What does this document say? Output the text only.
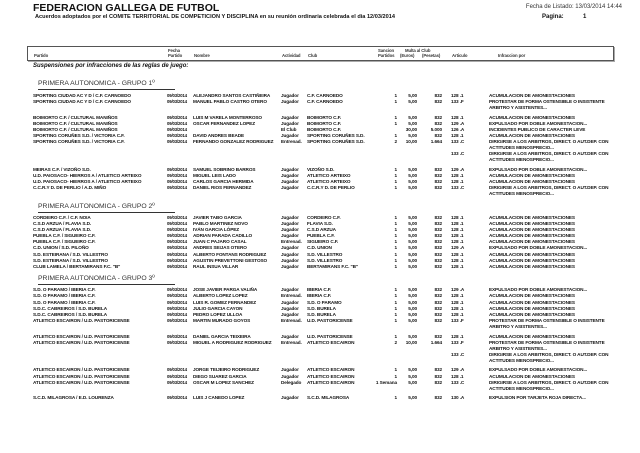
FEDERACION GALLEGA DE FUTBOL
Acuerdos adoptados por el COMITE TERRITORIAL DE COMPETICION Y DISCIPLINA en su reunión ordinaria celebrada el dia 12/03/2014
Fecha de Listado: 13/03/2014 14:44
Pagina:	1
Partido
Fecha
Partido	Nombre	Actividad Club
Sancion
Partidos
Multa al Club
(Euros) (Pesetas)	Articulo	Infraccion por
Suspensiones por infracciones de las reglas de juego:
PRIMERA AUTONOMICA - GRUPO 1º
SPORTING CIUDAD AC Y D / C.F. CARNOEDO	09/03/2014 ALEJANDRO SANTOS CASTIÑEIRA Jugador C.F. CARNOEDO	1	5,00	832 128 .1	ACUMULACION DE AMONESTACIONES
SPORTING CIUDAD AC Y D / C.F. CARNOEDO	09/03/2014 MANUEL PABLO CASTRO OTERO	Jugador C.F. CARNOEDO	1	5,00	832 133 .F	PROTESTAR DE FORMA OSTENSIBLE O INSISTENTE
ARBITRO Y ASISTENTES...
BOIMORTO C.F. / CULTURAL MANIÑOS	09/03/2014 LUIS M VARELA MONTERROSO	Jugador BOIMORTO C.F.	1	5,00	832 128 .1	ACUMULACION DE AMONESTACIONES
BOIMORTO C.F. / CULTURAL MANIÑOS	09/03/2014 OSCAR FERNANDEZ LOPEZ	Jugador BOIMORTO C.F.	1	5,00	832 129 .A	EXPULSADO POR DOBLE AMONESTACION...
BOIMORTO C.F. / CULTURAL MANIÑOS	09/03/2014	El Club BOIMORTO C.F.	30,00	5.000 126 .A	INCIDENTES PUBLICO DE CARACTER LEVE
SPORTING CORUÑES S.D. / VICTORIA C.F.	09/03/2014 DAVID ANDRES BEADE	Jugador SPORTING CORUÑES S.D.	1	5,00	832 128 .1	ACUMULACION DE AMONESTACIONES
SPORTING CORUÑES S.D. / VICTORIA C.F.	09/03/2014 FERNANDO GONZALEZ RODRIGUEZ Entrenad. SPORTING CORUÑES S.D.	2	10,00	1.664 133 .C	DIRIGIRSE A LOS ARBITROS, DIRECT. O AUT.DEP. CON
ACTITUDES MENOSPRECIO...
133 .C	DIRIGIRSE A LOS ARBITROS, DIRECT. O AUT.DEP. CON
ACTITUDES MENOSPRECIO...
MEIRAS C.F. / VIZOÑO S.D.	09/03/2014 SAMUEL SOBRINO BARROS	Jugador VIZOÑO S.D.	1	5,00	832 129 .A	EXPULSADO POR DOBLE AMONESTACION...
U.D. PAIOSACO- HIERROS A / ATLETICO ARTEIXO	09/03/2014 MIGUEL LEIS LADO	Jugador ATLETICO ARTEIXO	1	5,00	832 128 .1	ACUMULACION DE AMONESTACIONES
U.D. PAIOSACO- HIERROS A / ATLETICO ARTEIXO	09/03/2014 CARLOS GARCIA HERMIDA	Jugador ATLETICO ARTEIXO	1	5,00	832 128 .1	ACUMULACION DE AMONESTACIONES
C.C.R.Y D. DE PERLIO / A.D. MIÑO	09/03/2014 DANIEL RIOS FERNANDEZ	Jugador C.C.R.Y D. DE PERLIO	1	5,00	832 133 .C	DIRIGIRSE A LOS ARBITROS, DIRECT. O AUT.DEP. CON
ACTITUDES MENOSPRECIO...
PRIMERA AUTONOMICA - GRUPO 2º
CORDEIRO C.F. / C.F. NOIA	09/03/2014 JAVIER TABO GARCIA	Jugador CORDEIRO C.F.	1	5,00	832 128 .1	ACUMULACION DE AMONESTACIONES
C.S.D ARZUA / FLAVIA S.D.	09/03/2014 PABLO MARTINEZ NOVO	Jugador FLAVIA S.D.	1	5,00	832 128 .1	ACUMULACION DE AMONESTACIONES
C.S.D ARZUA / FLAVIA S.D.	09/03/2014 IVÁN GARCIA LÓPEZ	Jugador C.S.D ARZUA	1	5,00	832 128 .1	ACUMULACION DE AMONESTACIONES
PUEBLA C.F. / SIGUEIRO C.F.	09/03/2014 ADRIAN PARADA CADILLO	Jugador PUEBLA C.F.	1	5,00	832 128 .1	ACUMULACION DE AMONESTACIONES
PUEBLA C.F. / SIGUEIRO C.F.	09/03/2014 JUAN C PAJARO CASAL	Entrenad. SIGUEIRO C.F.	1	5,00	832 128 .1	ACUMULACION DE AMONESTACIONES
C.D. UNION / S.D. PILOÑO	09/03/2014 ANDRES SEIJAS OTERO	Jugador C.D. UNION	1	5,00	832 129 .A	EXPULSADO POR DOBLE AMONESTACION...
S.D. ESTEIRANA / S.D. VILLESTRO	09/03/2014 ALBERTO FONTANS RODRIGUEZ	Jugador S.D. VILLESTRO	1	5,00	832 128 .1	ACUMULACION DE AMONESTACIONES
S.D. ESTEIRANA / S.D. VILLESTRO	09/03/2014 AGUSTIN PREVETTONI GESTOSO	Jugador S.D. VILLESTRO	1	5,00	832 128 .1	ACUMULACION DE AMONESTACIONES
CLUB LAMELA / BERTAMIRANS F.C. "B"	09/03/2014 RAUL INSUA VILLAR	Jugador BERTAMIRANS F.C. "B"	1	5,00	832 128 .1	ACUMULACION DE AMONESTACIONES
PRIMERA AUTONOMICA - GRUPO 3º
S.D. O PARAMO / IBERIA C.F.	09/03/2014 JOSE JAVIER PARGA VALIÑA	Jugador IBERIA C.F.	1	5,00	832 129 .A	EXPULSADO POR DOBLE AMONESTACION...
S.D. O PARAMO / IBERIA C.F.	09/03/2014 ALBERTO LOPEZ LOPEZ	Entrenad. IBERIA C.F.	1	5,00	832 128 .1	ACUMULACION DE AMONESTACIONES
S.D. O PARAMO / IBERIA C.F.	09/03/2014 LUIS R. GOMEZ FERNANDEZ	Jugador S.D. O PARAMO	1	5,00	832 128 .1	ACUMULACION DE AMONESTACIONES
S.D.C. CABREIROS / S.D. BURELA	09/03/2014 JULIO GARCIA CAYON	Jugador S.D. BURELA	1	5,00	832 128 .1	ACUMULACION DE AMONESTACIONES
S.D.C. CABREIROS / S.D. BURELA	09/03/2014 PEDRO LOPEZ ULLOA	Jugador S.D. BURELA	1	5,00	832 128 .1	ACUMULACION DE AMONESTACIONES
ATLETICO ESCAIRON / U.D. PASTORICENSE	09/03/2014 MARTIN MURADO GOYOS	Entrenad. U.D. PASTORICENSE	1	5,00	832 133 .F	PROTESTAR DE FORMA OSTENSIBLE O INSISTENTE
ARBITRO Y ASISTENTES...
ATLETICO ESCAIRON / U.D. PASTORICENSE	09/03/2014 DANIEL GARCIA TEIXEIRA	Jugador U.D. PASTORICENSE	1	5,00	832 128 .1	ACUMULACION DE AMONESTACIONES
ATLETICO ESCAIRON / U.D. PASTORICENSE	09/03/2014 MIGUEL A RODRIGUEZ RODRIGUEZ Entrenad. ATLETICO ESCAIRON	2	10,00	1.664 133 .F	PROTESTAR DE FORMA OSTENSIBLE O INSISTENTE
ARBITRO Y ASISTENTES...
133 .C	DIRIGIRSE A LOS ARBITROS, DIRECT. O AUT.DEP. CON
ACTITUDES MENOSPRECIO...
ATLETICO ESCAIRON / U.D. PASTORICENSE	09/03/2014 JORGE TEIJEIRO RODRIGUEZ	Jugador ATLETICO ESCAIRON	1	5,00	832 129 .A	EXPULSADO POR DOBLE AMONESTACION...
ATLETICO ESCAIRON / U.D. PASTORICENSE	09/03/2014 DIEGO SUAREZ GARCIA	Jugador ATLETICO ESCAIRON	1	5,00	832 128 .1	ACUMULACION DE AMONESTACIONES
ATLETICO ESCAIRON / U.D. PASTORICENSE	09/03/2014 OSCAR M LOPEZ SANCHEZ	Delegado ATLETICO ESCAIRON	1 Semana	5,00	832 133 .C	DIRIGIRSE A LOS ARBITROS, DIRECT. O AUT.DEP. CON
ACTITUDES MENOSPRECIO...
S.C.D. MILAGROSA / E.D. LOURENZA	09/03/2014 LUIS J CANEDO LOPEZ	Jugador S.C.D. MILAGROSA	1	5,00	832 130 .A	EXPULSION POR TARJETA ROJA DIRECTA...
